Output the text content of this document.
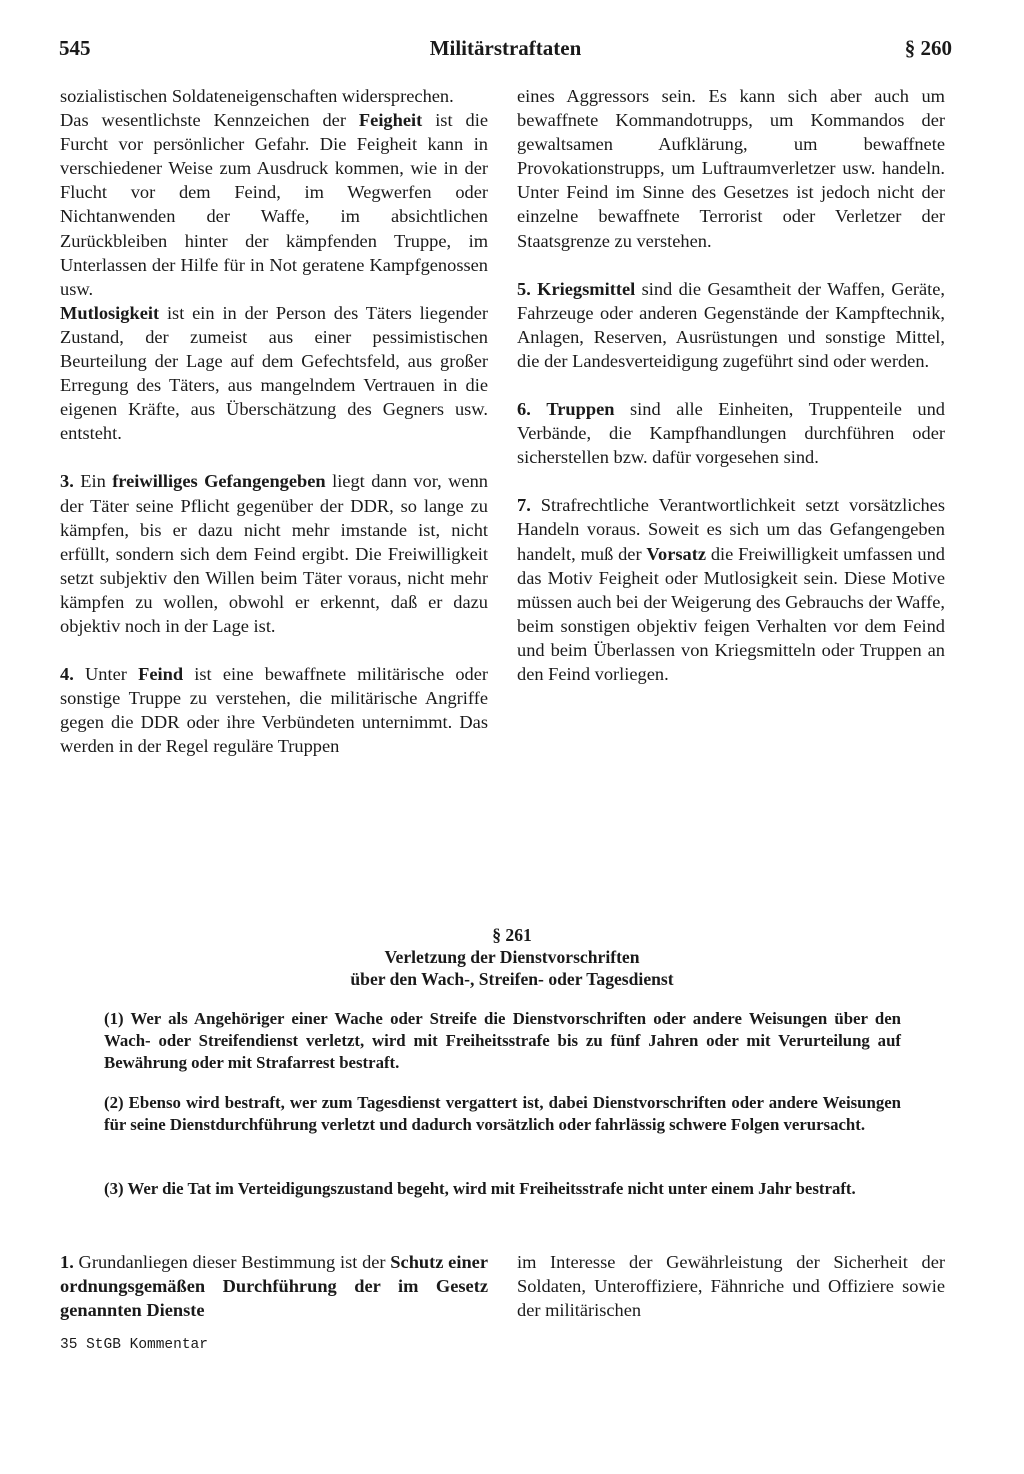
545	Militärstraftaten	§ 260

sozialistischen Soldateneigenschaften widersprechen.

Das wesentlichste Kennzeichen der Feigheit ist die Furcht vor persönlicher Gefahr. Die Feigheit kann in verschiedener Weise zum Ausdruck kommen, wie in der Flucht vor dem Feind, im Wegwerfen oder Nichtanwenden der Waffe, im absichtlichen Zurückbleiben hinter der kämpfenden Truppe, im Unterlassen der Hilfe für in Not geratene Kampfgenossen usw.

Mutlosigkeit ist ein in der Person des Täters liegender Zustand, der zumeist aus einer pessimistischen Beurteilung der Lage auf dem Gefechtsfeld, aus großer Erregung des Täters, aus mangelndem Vertrauen in die eigenen Kräfte, aus Überschätzung des Gegners usw. entsteht.

3. Ein freiwilliges Gefangengeben liegt dann vor, wenn der Täter seine Pflicht gegenüber der DDR, so lange zu kämpfen, bis er dazu nicht mehr imstande ist, nicht erfüllt, sondern sich dem Feind ergibt. Die Freiwilligkeit setzt subjektiv den Willen beim Täter voraus, nicht mehr kämpfen zu wollen, obwohl er erkennt, daß er dazu objektiv noch in der Lage ist.

4. Unter Feind ist eine bewaffnete militärische oder sonstige Truppe zu verstehen, die militärische Angriffe gegen die DDR oder ihre Verbündeten unternimmt. Das werden in der Regel reguläre Truppen

eines Aggressors sein. Es kann sich aber auch um bewaffnete Kommandotrupps, um Kommandos der gewaltsamen Aufklärung, um bewaffnete Provokationstrupps, um Luftraumverletzer usw. handeln. Unter Feind im Sinne des Gesetzes ist jedoch nicht der einzelne bewaffnete Terrorist oder Verletzer der Staatsgrenze zu verstehen.

5. Kriegsmittel sind die Gesamtheit der Waffen, Geräte, Fahrzeuge oder anderen Gegenstände der Kampftechnik, Anlagen, Reserven, Ausrüstungen und sonstige Mittel, die der Landesverteidigung zugeführt sind oder werden.

6. Truppen sind alle Einheiten, Truppenteile und Verbände, die Kampfhandlungen durchführen oder sicherstellen bzw. dafür vorgesehen sind.

7. Strafrechtliche Verantwortlichkeit setzt vorsätzliches Handeln voraus. Soweit es sich um das Gefangengeben handelt, muß der Vorsatz die Freiwilligkeit umfassen und das Motiv Feigheit oder Mutlosigkeit sein. Diese Motive müssen auch bei der Weigerung des Gebrauchs der Waffe, beim sonstigen objektiv feigen Verhalten vor dem Feind und beim Überlassen von Kriegsmitteln oder Truppen an den Feind vorliegen.

§ 261
Verletzung der Dienstvorschriften
über den Wach-, Streifen- oder Tagesdienst
(1) Wer als Angehöriger einer Wache oder Streife die Dienstvorschriften oder andere Weisungen über den Wach- oder Streifendienst verletzt, wird mit Freiheitsstrafe bis zu fünf Jahren oder mit Verurteilung auf Bewährung oder mit Strafarrest bestraft.
(2) Ebenso wird bestraft, wer zum Tagesdienst vergattert ist, dabei Dienstvorschriften oder andere Weisungen für seine Dienstdurchführung verletzt und dadurch vorsätzlich oder fahrlässig schwere Folgen verursacht.
(3) Wer die Tat im Verteidigungszustand begeht, wird mit Freiheitsstrafe nicht unter einem Jahr bestraft.
1. Grundanliegen dieser Bestimmung ist der Schutz einer ordnungsgemäßen Durchführung der im Gesetz genannten Dienste
im Interesse der Gewährleistung der Sicherheit der Soldaten, Unteroffiziere, Fähnriche und Offiziere sowie der militärischen
35 StGB Kommentar
